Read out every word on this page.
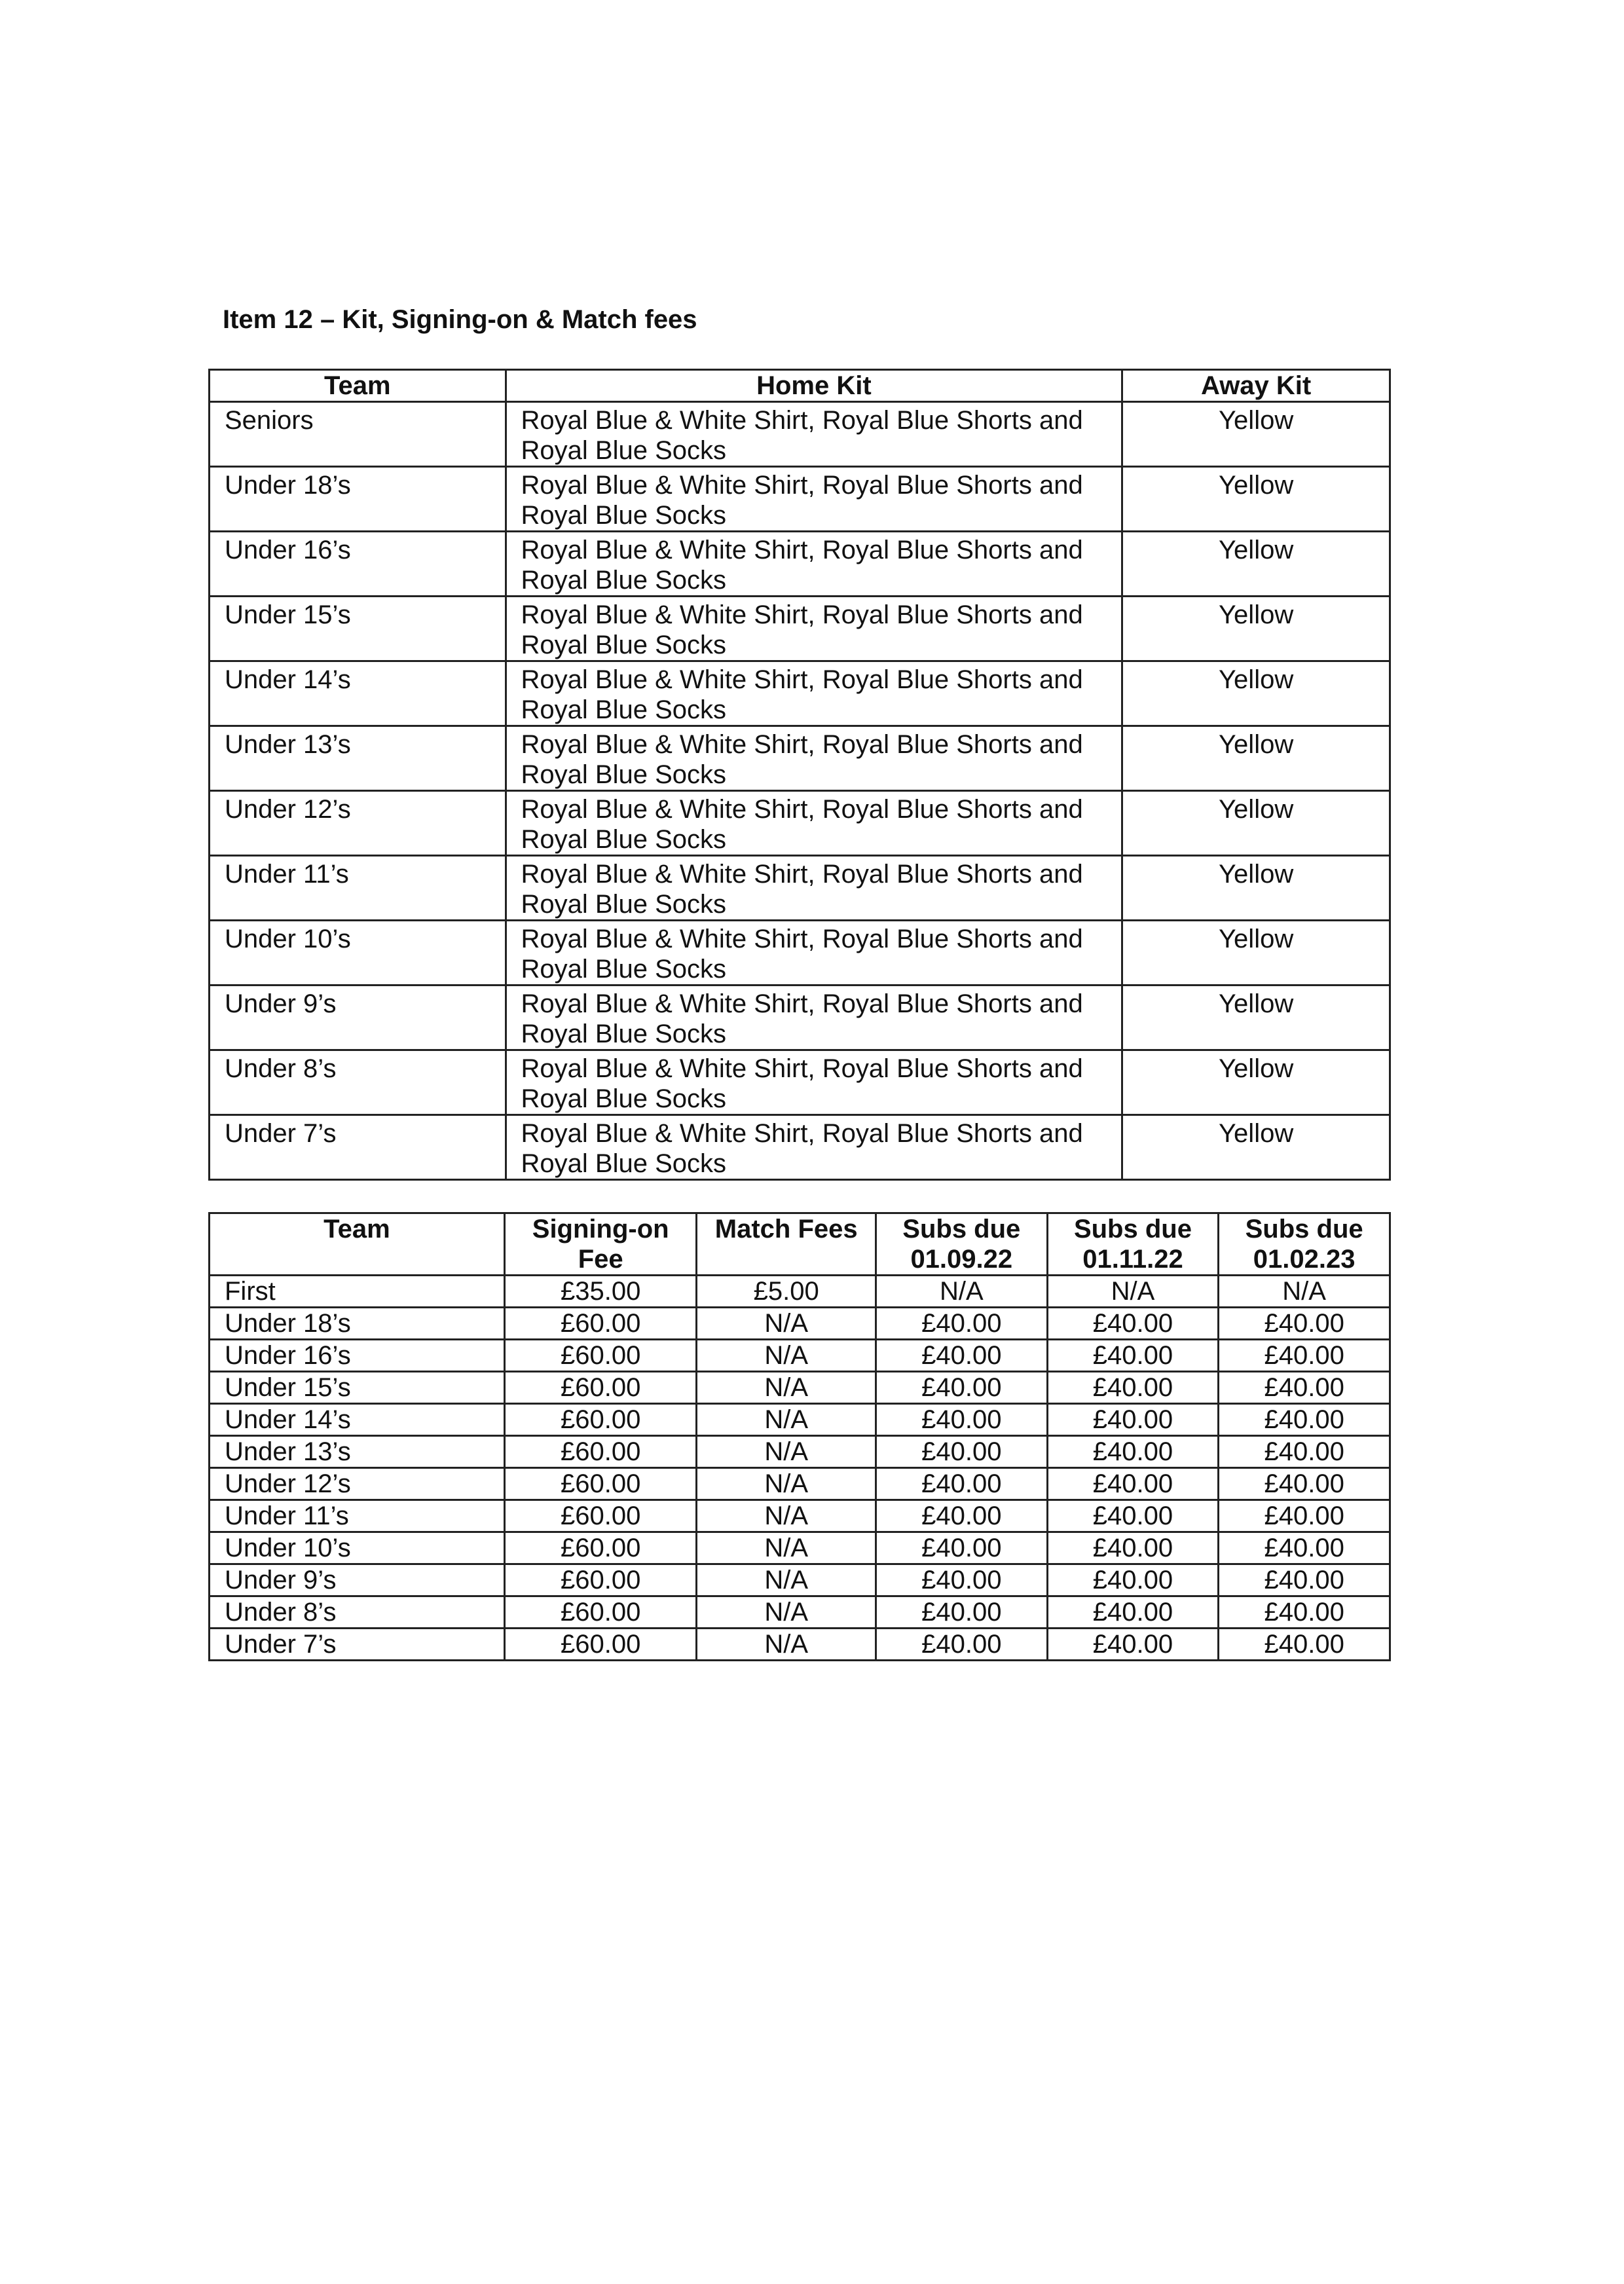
Item 12 – Kit, Signing-on & Match fees
Team	Home Kit	Away Kit
Seniors	Royal Blue & White Shirt, Royal Blue Shorts and Royal Blue Socks	Yellow
Under 18’s	Royal Blue & White Shirt, Royal Blue Shorts and Royal Blue Socks	Yellow
Under 16’s	Royal Blue & White Shirt, Royal Blue Shorts and Royal Blue Socks	Yellow
Under 15’s	Royal Blue & White Shirt, Royal Blue Shorts and Royal Blue Socks	Yellow
Under 14’s	Royal Blue & White Shirt, Royal Blue Shorts and Royal Blue Socks	Yellow
Under 13’s	Royal Blue & White Shirt, Royal Blue Shorts and Royal Blue Socks	Yellow
Under 12’s	Royal Blue & White Shirt, Royal Blue Shorts and Royal Blue Socks	Yellow
Under 11’s	Royal Blue & White Shirt, Royal Blue Shorts and Royal Blue Socks	Yellow
Under 10’s	Royal Blue & White Shirt, Royal Blue Shorts and Royal Blue Socks	Yellow
Under 9’s	Royal Blue & White Shirt, Royal Blue Shorts and Royal Blue Socks	Yellow
Under 8’s	Royal Blue & White Shirt, Royal Blue Shorts and Royal Blue Socks	Yellow
Under 7’s	Royal Blue & White Shirt, Royal Blue Shorts and Royal Blue Socks	Yellow
Team	Signing-on Fee	Match Fees	Subs due 01.09.22	Subs due 01.11.22	Subs due 01.02.23
First	£35.00	£5.00	N/A	N/A	N/A
Under 18’s	£60.00	N/A	£40.00	£40.00	£40.00
Under 16’s	£60.00	N/A	£40.00	£40.00	£40.00
Under 15’s	£60.00	N/A	£40.00	£40.00	£40.00
Under 14’s	£60.00	N/A	£40.00	£40.00	£40.00
Under 13’s	£60.00	N/A	£40.00	£40.00	£40.00
Under 12’s	£60.00	N/A	£40.00	£40.00	£40.00
Under 11’s	£60.00	N/A	£40.00	£40.00	£40.00
Under 10’s	£60.00	N/A	£40.00	£40.00	£40.00
Under 9’s	£60.00	N/A	£40.00	£40.00	£40.00
Under 8’s	£60.00	N/A	£40.00	£40.00	£40.00
Under 7’s	£60.00	N/A	£40.00	£40.00	£40.00
